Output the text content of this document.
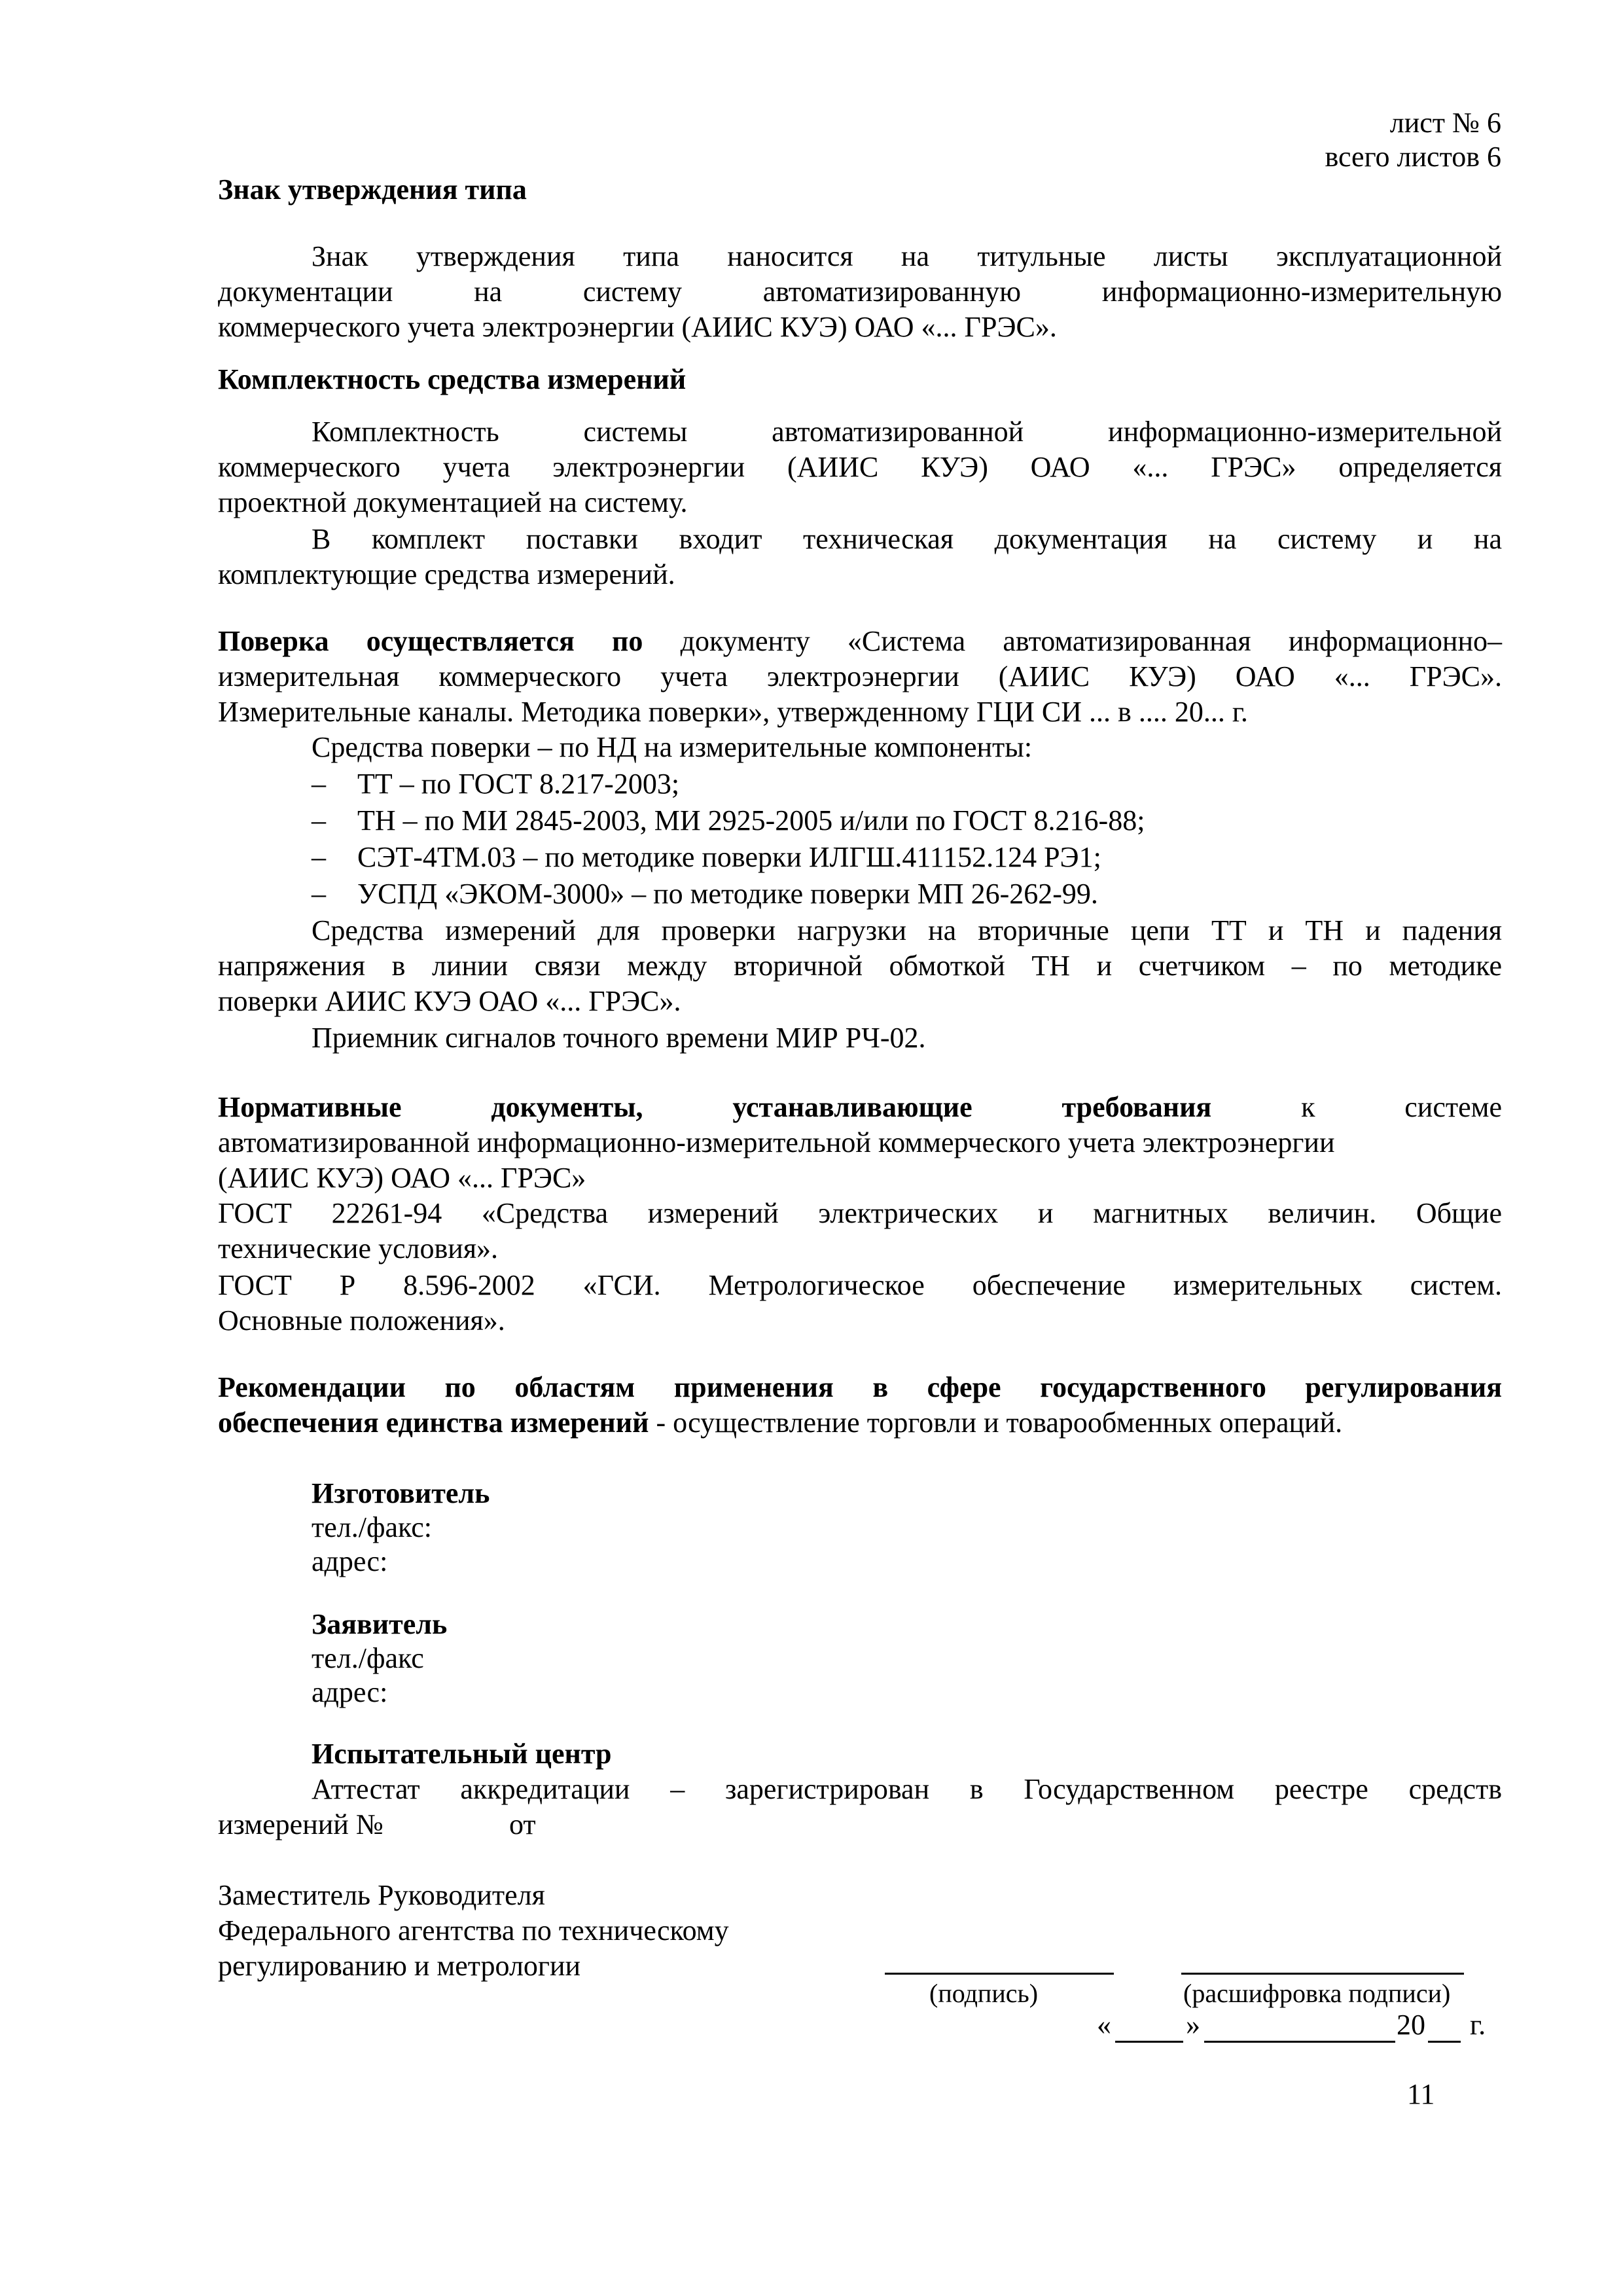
лист № 6
всего листов 6
Знак утверждения типа
Знак утверждения типа наносится на титульные листы эксплуатационной
документации на систему автоматизированную информационно-измерительную
коммерческого учета электроэнергии (АИИС КУЭ) ОАО «... ГРЭС».
Комплектность средства измерений
Комплектность системы автоматизированной информационно-измерительной
коммерческого учета электроэнергии (АИИС КУЭ) ОАО «... ГРЭС» определяется
проектной документацией на систему.
В комплект поставки входит техническая документация на систему и на
комплектующие средства измерений.
Поверка осуществляется по документу «Система автоматизированная информационно–
измерительная коммерческого учета электроэнергии (АИИС КУЭ) ОАО «... ГРЭС».
Измерительные каналы. Методика поверки», утвержденному ГЦИ СИ ... в .... 20... г.
Средства поверки – по НД на измерительные компоненты:
– ТТ – по ГОСТ 8.217-2003;
– ТН – по МИ 2845-2003, МИ 2925-2005 и/или по ГОСТ 8.216-88;
– СЭТ-4ТМ.03 – по методике поверки ИЛГШ.411152.124 РЭ1;
– УСПД «ЭКОМ-3000» – по методике поверки МП 26-262-99.
Средства измерений для проверки нагрузки на вторичные цепи ТТ и ТН и падения
напряжения в линии связи между вторичной обмоткой ТН и счетчиком – по методике
поверки АИИС КУЭ ОАО «... ГРЭС».
Приемник сигналов точного времени МИР РЧ-02.
Нормативные документы, устанавливающие требования	к системе
автоматизированной информационно-измерительной коммерческого учета электроэнергии
(АИИС КУЭ) ОАО «... ГРЭС»
ГОСТ 22261-94 «Средства измерений электрических и магнитных величин. Общие
технические условия».
ГОСТ Р 8.596-2002 «ГСИ. Метрологическое обеспечение измерительных систем.
Основные положения».
Рекомендации по областям применения в сфере государственного регулирования
обеспечения единства измерений - осуществление торговли и товарообменных операций.
Изготовитель
тел./факс:
адрес:
Заявитель
тел./факс
адрес:
Испытательный центр
Аттестат аккредитации – зарегистрирован в Государственном реестре средств
измерений №	от
Заместитель Руководителя
Федерального агентства по техническому
регулированию и метрологии
(подпись)	(расшифровка подписи)
«	»	20 г.
11
